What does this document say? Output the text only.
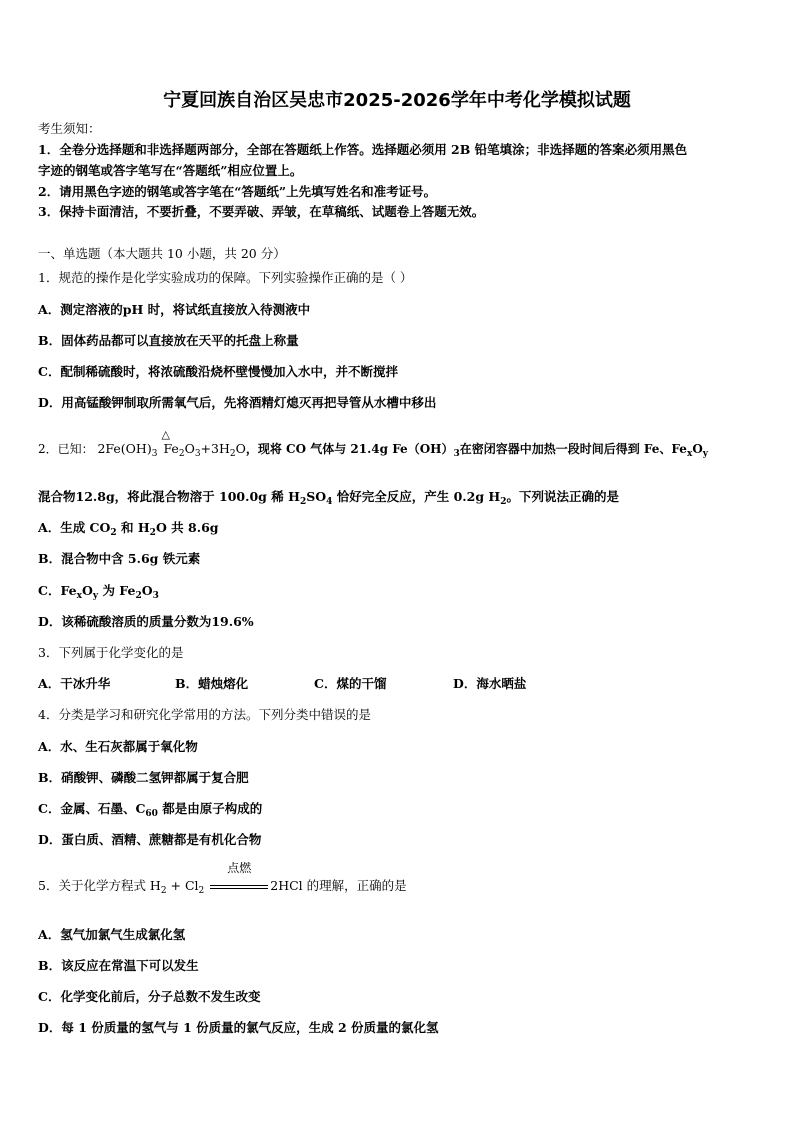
宁夏回族自治区吴忠市2025-2026学年中考化学模拟试题
考生须知：
1．全卷分选择题和非选择题两部分，全部在答题纸上作答。选择题必须用 2B 铅笔填涂；非选择题的答案必须用黑色
字迹的钢笔或答字笔写在“答题纸”相应位置上。
2．请用黑色字迹的钢笔或答字笔在“答题纸”上先填写姓名和准考证号。
3．保持卡面清洁，不要折叠，不要弄破、弄皱，在草稿纸、试题卷上答题无效。
一、单选题（本大题共 10 小题，共 20 分）
1．规范的操作是化学实验成功的保障。下列实验操作正确的是（ ）
A．测定溶液的pH 时，将试纸直接放入待测液中
B．固体药品都可以直接放在天平的托盘上称量
C．配制稀硫酸时，将浓硫酸沿烧杯壁慢慢加入水中，并不断搅拌
D．用高锰酸钾制取所需氧气后，先将酒精灯熄灭再把导管从水槽中移出
2．已知： $2Fe(OH)_3$
△
$Fe_2O_3+3H_2O$，现将 CO 气体与 21.4g $Fe(OH)_3$在密闭容器中加热一段时间后得到 Fe、$Fe_xO_y$
混合物12.8g，将此混合物溶于 100.0g 稀 $H_2SO_4$ 恰好完全反应，产生 0.2g $H_2$。下列说法正确的是
A．生成 $CO_2$ 和 $H_2O$ 共 8.6g
B．混合物中含 5.6g 铁元素
C．$Fe_xO_y$ 为 $Fe_2O_3$
D．该稀硫酸溶质的质量分数为19.6%
3．下列属于化学变化的是
A．干冰升华	B．蜡烛熔化	C．煤的干馏	D．海水晒盐
4．分类是学习和研究化学常用的方法。下列分类中错误的是
A．水、生石灰都属于氧化物
B．硝酸钾、磷酸二氢钾都属于复合肥
C．金属、石墨、$C_{60}$ 都是由原子构成的
D．蛋白质、酒精、蔗糖都是有机化合物
5．关于化学方程式 $H_2 + Cl_2$
点燃
2HCl 的理解，正确的是
A．氢气加氯气生成氯化氢
B．该反应在常温下可以发生
C．化学变化前后，分子总数不发生改变
D．每 1 份质量的氢气与 1 份质量的氯气反应，生成 2 份质量的氯化氢
